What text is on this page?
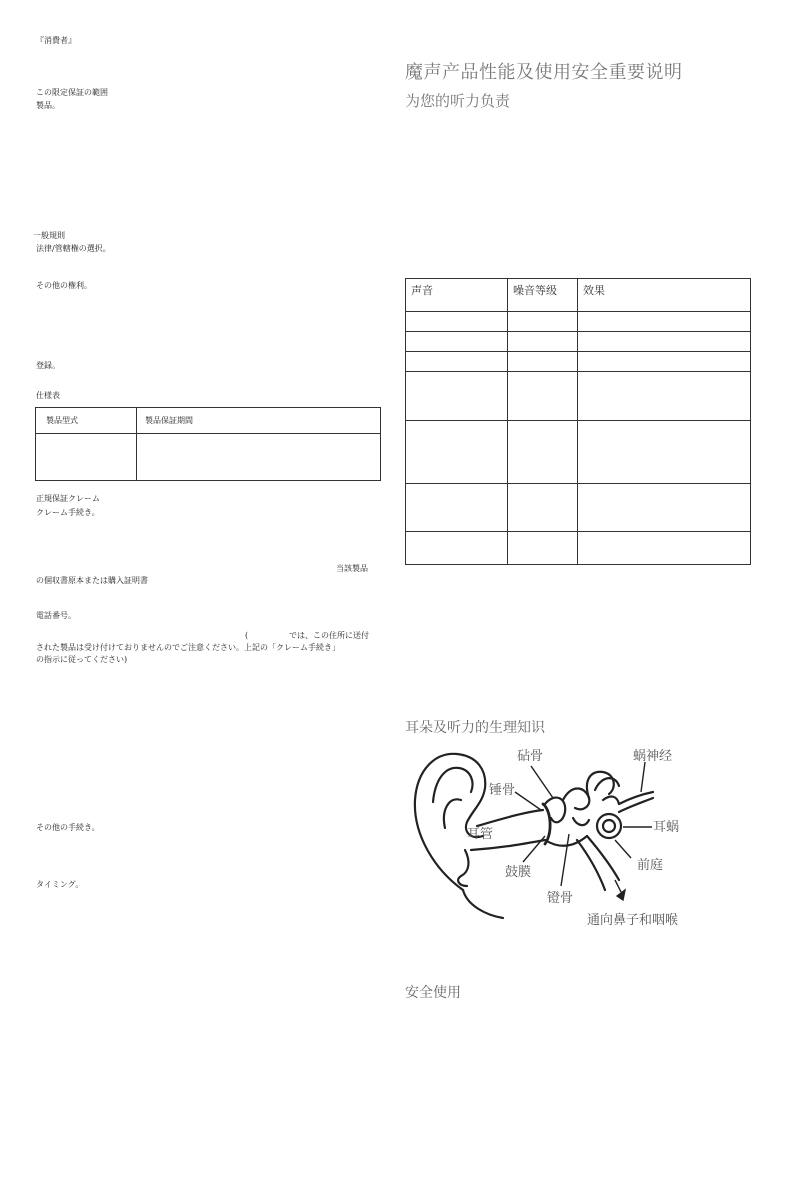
『消費者』
この限定保証の範囲
製品。
一般規則
法律/管轄権の選択。
その他の権利。
登録。
仕様表
製品型式	製品保証期間
正規保証クレーム
クレーム手続き。
当該製品
の個収書原本または購入証明書
電話番号。
(	では、この住所に送付
された製品は受け付けておりませんのでご注意ください。上記の「クレーム手続き」
の指示に従ってください)
その他の手続き。
タイミング。
魔声产品性能及使用安全重要说明
为您的听力负责
声音	噪音等级 效果
耳朵及听力的生理知识
砧骨	蜗神经
锤骨
耳管	耳蜗
鼓膜	前庭
镫骨
通向鼻子和咽喉
安全使用
